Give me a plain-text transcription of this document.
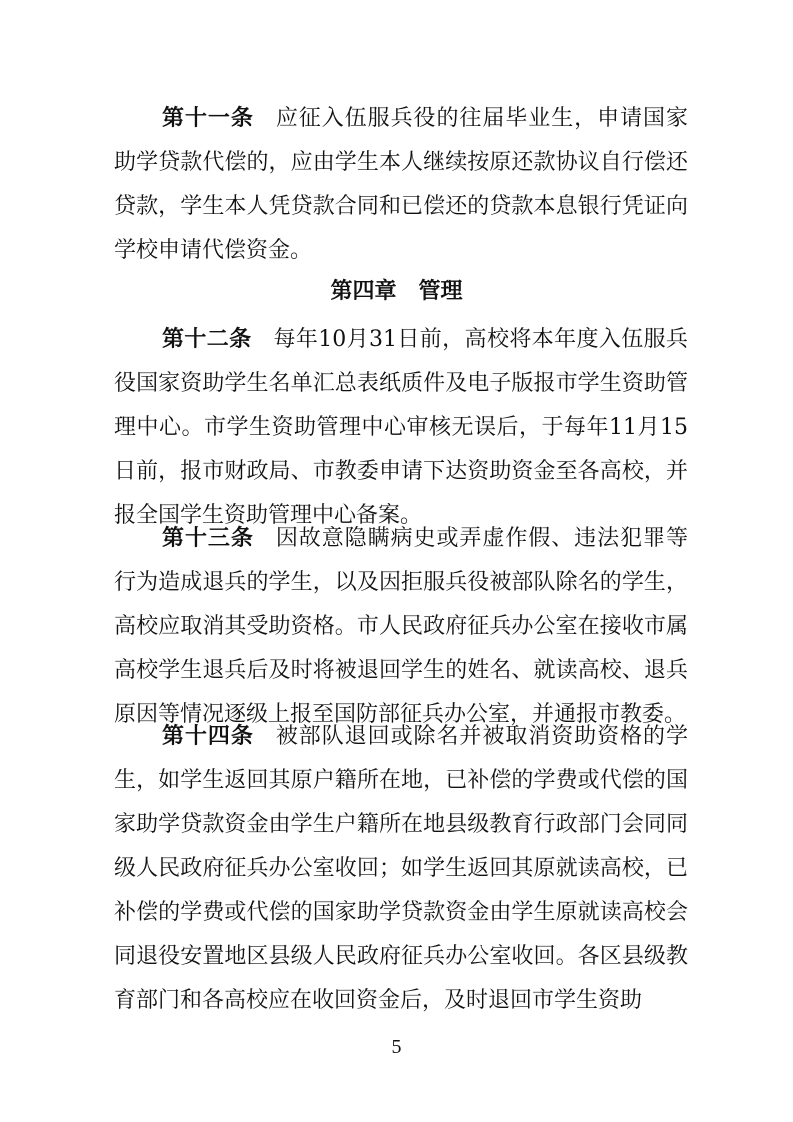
第十一条 应征入伍服兵役的往届毕业生，申请国家助学贷款代偿的，应由学生本人继续按原还款协议自行偿还贷款，学生本人凭贷款合同和已偿还的贷款本息银行凭证向学校申请代偿资金。

第四章　管理

第十二条 每年10月31日前，高校将本年度入伍服兵役国家资助学生名单汇总表纸质件及电子版报市学生资助管理中心。市学生资助管理中心审核无误后，于每年11月15日前，报市财政局、市教委申请下达资助资金至各高校，并报全国学生资助管理中心备案。

第十三条 因故意隐瞒病史或弄虚作假、违法犯罪等行为造成退兵的学生，以及因拒服兵役被部队除名的学生，高校应取消其受助资格。市人民政府征兵办公室在接收市属高校学生退兵后及时将被退回学生的姓名、就读高校、退兵原因等情况逐级上报至国防部征兵办公室，并通报市教委。

第十四条 被部队退回或除名并被取消资助资格的学生，如学生返回其原户籍所在地，已补偿的学费或代偿的国家助学贷款资金由学生户籍所在地县级教育行政部门会同同级人民政府征兵办公室收回；如学生返回其原就读高校，已补偿的学费或代偿的国家助学贷款资金由学生原就读高校会同退役安置地区县级人民政府征兵办公室收回。各区县级教育部门和各高校应在收回资金后，及时退回市学生资助

5
